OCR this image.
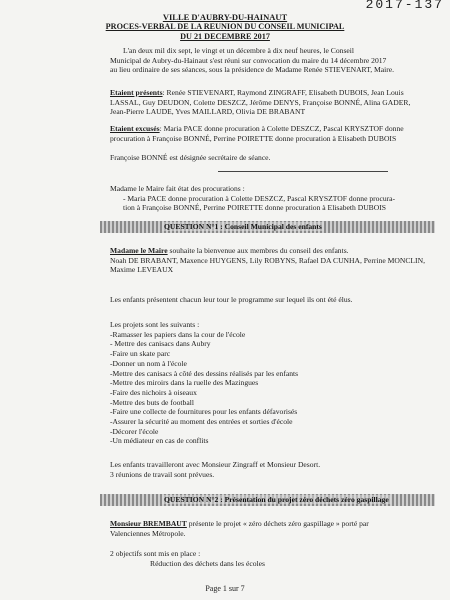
2017-137
VILLE D'AUBRY-DU-HAINAUT
PROCES-VERBAL DE LA REUNION DU CONSEIL MUNICIPAL
DU 21 DECEMBRE 2017
L'an deux mil dix sept, le vingt et un décembre à dix neuf heures, le Conseil
Municipal de Aubry-du-Hainaut s'est réuni sur convocation du maire du 14 décembre 2017
au lieu ordinaire de ses séances, sous la présidence de Madame Renée STIEVENART, Maire.
Etaient présents: Renée STIEVENART, Raymond ZINGRAFF, Elisabeth DUBOIS, Jean Louis
LASSAL, Guy DEUDON, Colette DESZCZ, Jérôme DENYS, Françoise BONNÉ, Alina GADER,
Jean-Pierre LAUDE, Yves MAILLARD, Olivia DE BRABANT
Etaient excusés: Maria PACE donne procuration à Colette DESZCZ, Pascal KRYSZTOF donne
procuration à Françoise BONNÉ, Perrine POIRETTE donne procuration à Elisabeth DUBOIS
Françoise BONNÉ est désignée secrétaire de séance.
Madame le Maire fait état des procurations :
- Maria PACE donne procuration à Colette DESZCZ, Pascal KRYSZTOF donne procura-
tion à Françoise BONNÉ, Perrine POIRETTE donne procuration à Elisabeth DUBOIS
QUESTION N°1 : Conseil Municipal des enfants
Madame le Maire souhaite la bienvenue aux membres du conseil des enfants.
Noah DE BRABANT, Maxence HUYGENS, Lily ROBYNS, Rafael DA CUNHA, Perrine MONCLIN,
Maxime LEVEAUX
Les enfants présentent chacun leur tour le programme sur lequel ils ont été élus.
Les projets sont les suivants :
-Ramasser les papiers dans la cour de l'école
- Mettre des canisacs dans Aubry
-Faire un skate parc
-Donner un nom à l'école
-Mettre des canisacs à côté des dessins réalisés par les enfants
-Mettre des miroirs dans la ruelle des Mazingues
-Faire des nichoirs à oiseaux
-Mettre des buts de football
-Faire une collecte de fournitures pour les enfants défavorisés
-Assurer la sécurité au moment des entrées et sorties d'école
-Décorer l'école
-Un médiateur en cas de conflits
Les enfants travailleront avec Monsieur Zingraff et Monsieur Desort.
3 réunions de travail sont prévues.
QUESTION N°2 : Présentation du projet zéro déchets zéro gaspillage
Monsieur BREMBAUT présente le projet « zéro déchets zéro gaspillage » porté par
Valenciennes Métropole.
2 objectifs sont mis en place :
Réduction des déchets dans les écoles
Page 1 sur 7
